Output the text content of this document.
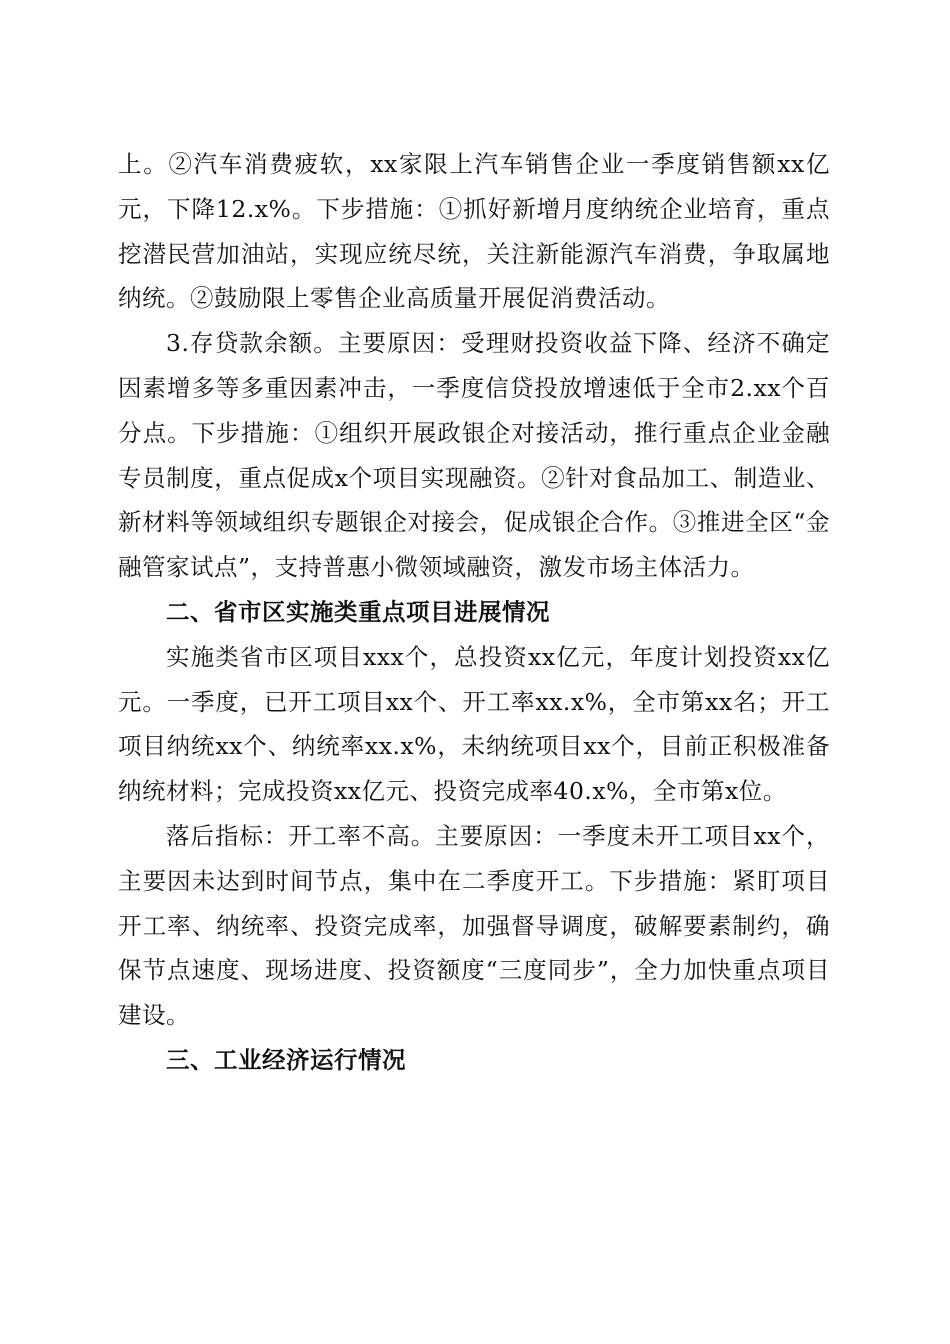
上。②汽车消费疲软，xx家限上汽车销售企业一季度销售额xx亿元，下降12.x%。下步措施：①抓好新增月度纳统企业培育，重点挖潜民营加油站，实现应统尽统，关注新能源汽车消费，争取属地纳统。②鼓励限上零售企业高质量开展促消费活动。

3.存贷款余额。主要原因：受理财投资收益下降、经济不确定因素增多等多重因素冲击，一季度信贷投放增速低于全市2.xx个百分点。下步措施：①组织开展政银企对接活动，推行重点企业金融专员制度，重点促成x个项目实现融资。②针对食品加工、制造业、新材料等领域组织专题银企对接会，促成银企合作。③推进全区“金融管家试点”，支持普惠小微领域融资，激发市场主体活力。

二、省市区实施类重点项目进展情况

实施类省市区项目xxx个，总投资xx亿元，年度计划投资xx亿元。一季度，已开工项目xx个、开工率xx.x%，全市第xx名；开工项目纳统xx个、纳统率xx.x%，未纳统项目xx个，目前正积极准备纳统材料；完成投资xx亿元、投资完成率40.x%，全市第x位。

落后指标：开工率不高。主要原因：一季度未开工项目xx个，主要因未达到时间节点，集中在二季度开工。下步措施：紧盯项目开工率、纳统率、投资完成率，加强督导调度，破解要素制约，确保节点速度、现场进度、投资额度“三度同步”，全力加快重点项目建设。

三、工业经济运行情况
